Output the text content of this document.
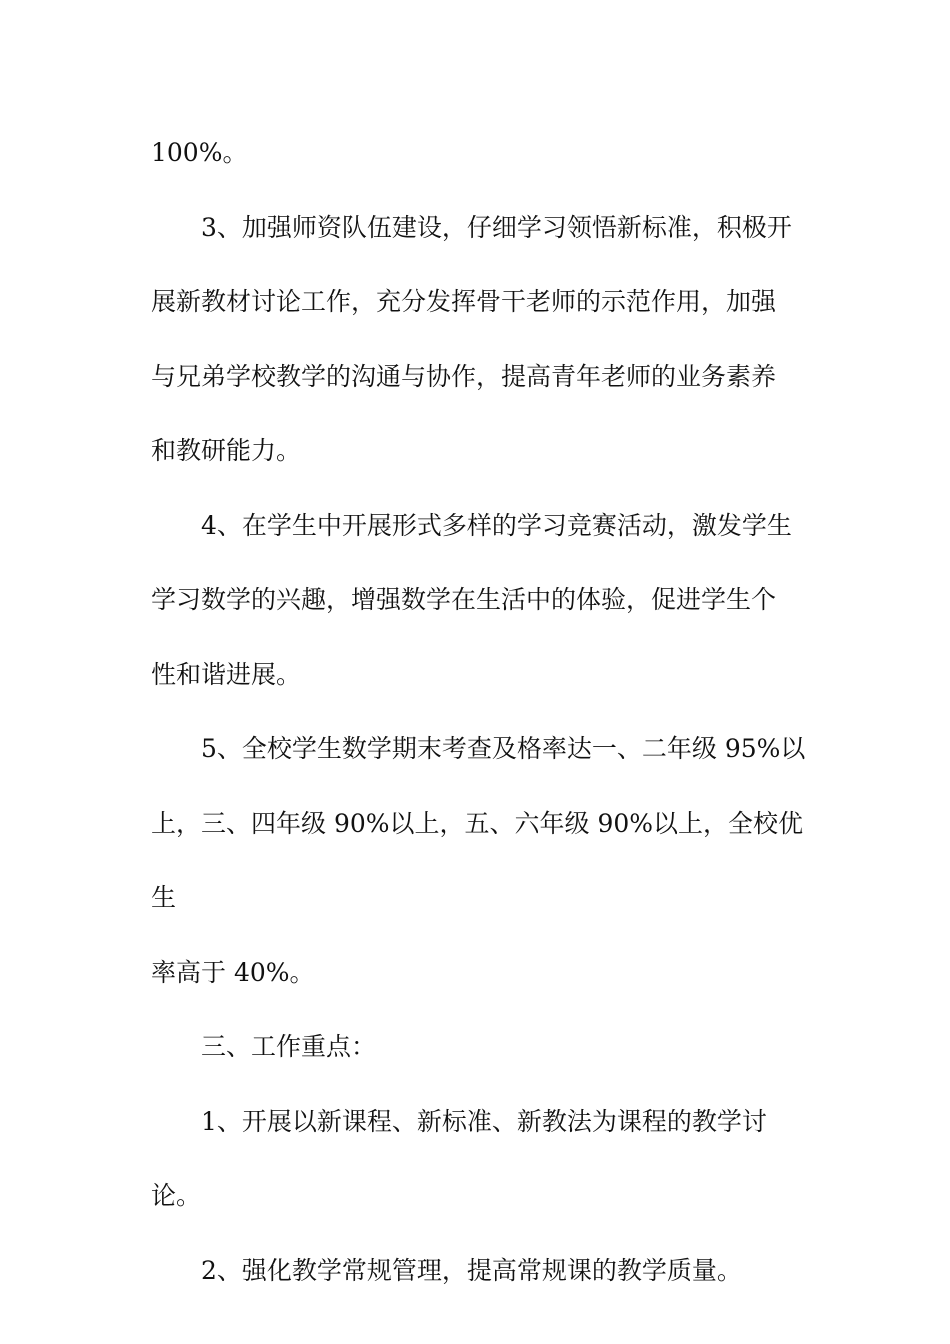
100%。

3、加强师资队伍建设，仔细学习领悟新标准，积极开
展新教材讨论工作，充分发挥骨干老师的示范作用，加强
与兄弟学校教学的沟通与协作，提高青年老师的业务素养
和教研能力。

4、在学生中开展形式多样的学习竞赛活动，激发学生
学习数学的兴趣，增强数学在生活中的体验，促进学生个
性和谐进展。

5、全校学生数学期末考查及格率达一、二年级 95%以
上，三、四年级 90%以上，五、六年级 90%以上，全校优生
率高于 40%。

三、工作重点：

1、开展以新课程、新标准、新教法为课程的教学讨
论。

2、强化教学常规管理，提高常规课的教学质量。
